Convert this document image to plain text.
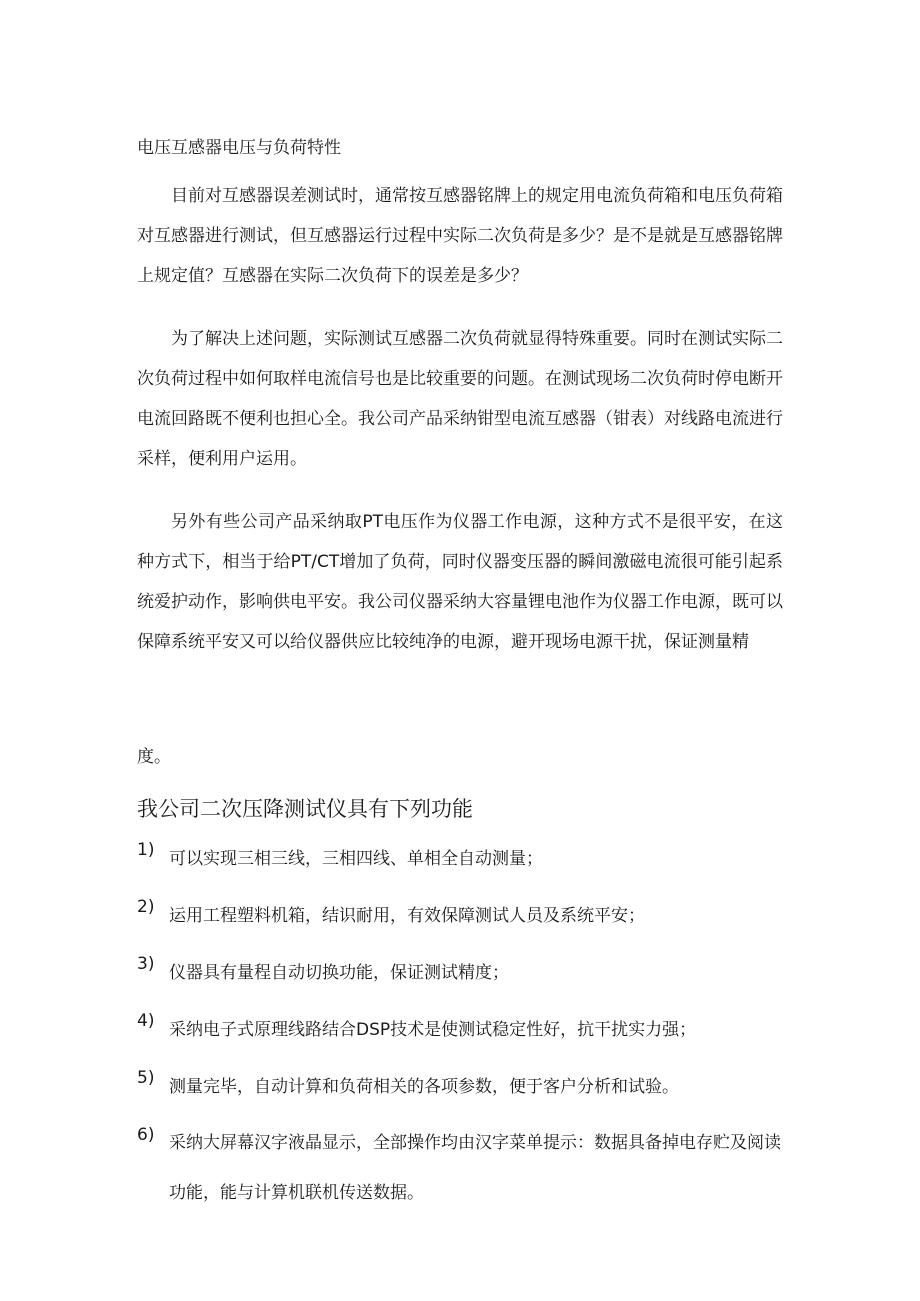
电压互感器电压与负荷特性

目前对互感器误差测试时，通常按互感器铭牌上的规定用电流负荷箱和电压负荷箱对互感器进行测试，但互感器运行过程中实际二次负荷是多少？是不是就是互感器铭牌上规定值？互感器在实际二次负荷下的误差是多少？

为了解决上述问题，实际测试互感器二次负荷就显得特殊重要。同时在测试实际二次负荷过程中如何取样电流信号也是比较重要的问题。在测试现场二次负荷时停电断开电流回路既不便利也担心全。我公司产品采纳钳型电流互感器（钳表）对线路电流进行采样，便利用户运用。

另外有些公司产品采纳取PT电压作为仪器工作电源，这种方式不是很平安，在这种方式下，相当于给PT/CT增加了负荷，同时仪器变压器的瞬间激磁电流很可能引起系统爱护动作，影响供电平安。我公司仪器采纳大容量锂电池作为仪器工作电源，既可以保障系统平安又可以给仪器供应比较纯净的电源，避开现场电源干扰，保证测量精

度。

我公司二次压降测试仪具有下列功能
1) 可以实现三相三线，三相四线、单相全自动测量；
2) 运用工程塑料机箱，结识耐用，有效保障测试人员及系统平安；
3) 仪器具有量程自动切换功能，保证测试精度；
4) 采纳电子式原理线路结合DSP技术是使测试稳定性好，抗干扰实力强；
5) 测量完毕，自动计算和负荷相关的各项参数，便于客户分析和试验。
6) 采纳大屏幕汉字液晶显示，全部操作均由汉字菜单提示：数据具备掉电存贮及阅读功能，能与计算机联机传送数据。
